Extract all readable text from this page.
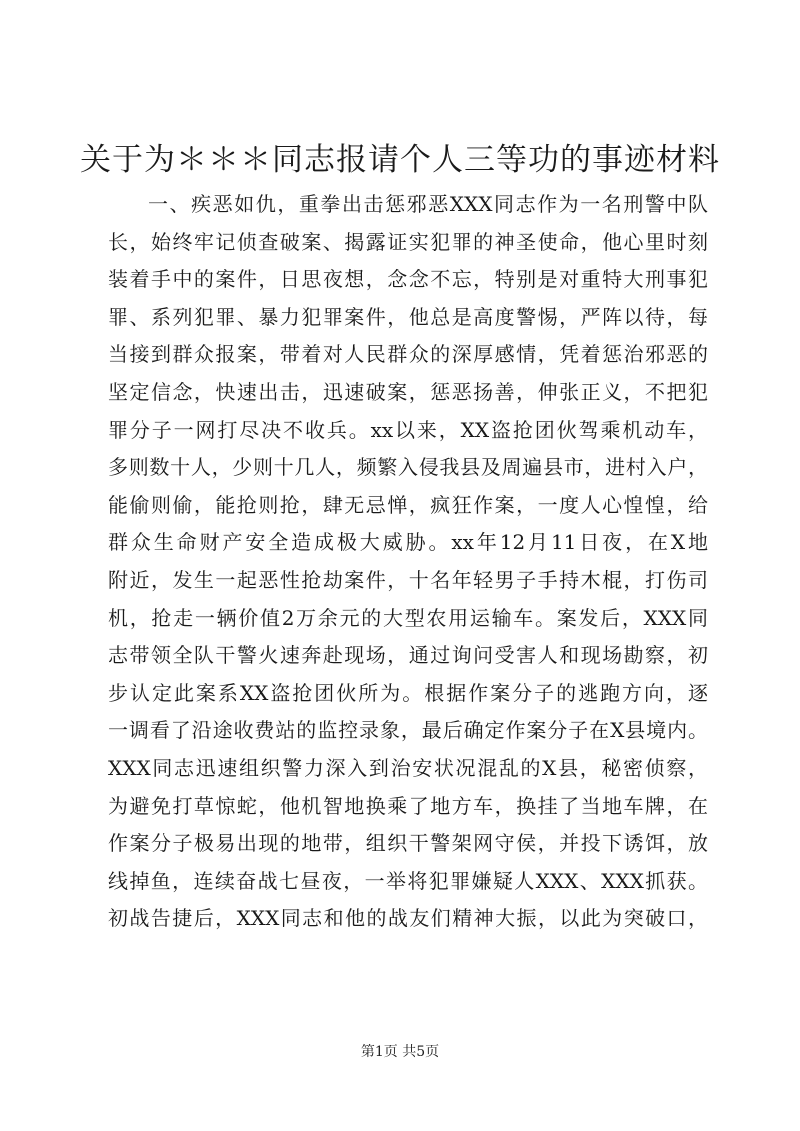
关于为＊＊＊同志报请个人三等功的事迹材料
一、疾恶如仇，重拳出击惩邪恶XXX同志作为一名刑警中队
长，始终牢记侦查破案、揭露证实犯罪的神圣使命，他心里时刻
装着手中的案件，日思夜想，念念不忘，特别是对重特大刑事犯
罪、系列犯罪、暴力犯罪案件，他总是高度警惕，严阵以待，每
当接到群众报案，带着对人民群众的深厚感情，凭着惩治邪恶的
坚定信念，快速出击，迅速破案，惩恶扬善，伸张正义，不把犯
罪分子一网打尽决不收兵。xx以来，XX盗抢团伙驾乘机动车，
多则数十人，少则十几人，频繁入侵我县及周遍县市，进村入户，
能偷则偷，能抢则抢，肆无忌惮，疯狂作案，一度人心惶惶，给
群众生命财产安全造成极大威胁。xx年12月11日夜，在X地
附近，发生一起恶性抢劫案件，十名年轻男子手持木棍，打伤司
机，抢走一辆价值2万余元的大型农用运输车。案发后，XXX同
志带领全队干警火速奔赴现场，通过询问受害人和现场勘察，初
步认定此案系XX盗抢团伙所为。根据作案分子的逃跑方向，逐
一调看了沿途收费站的监控录象，最后确定作案分子在X县境内。
XXX同志迅速组织警力深入到治安状况混乱的X县，秘密侦察，
为避免打草惊蛇，他机智地换乘了地方车，换挂了当地车牌，在
作案分子极易出现的地带，组织干警架网守侯，并投下诱饵，放
线掉鱼，连续奋战七昼夜，一举将犯罪嫌疑人XXX、XXX抓获。
初战告捷后，XXX同志和他的战友们精神大振，以此为突破口，
第1页 共5页
